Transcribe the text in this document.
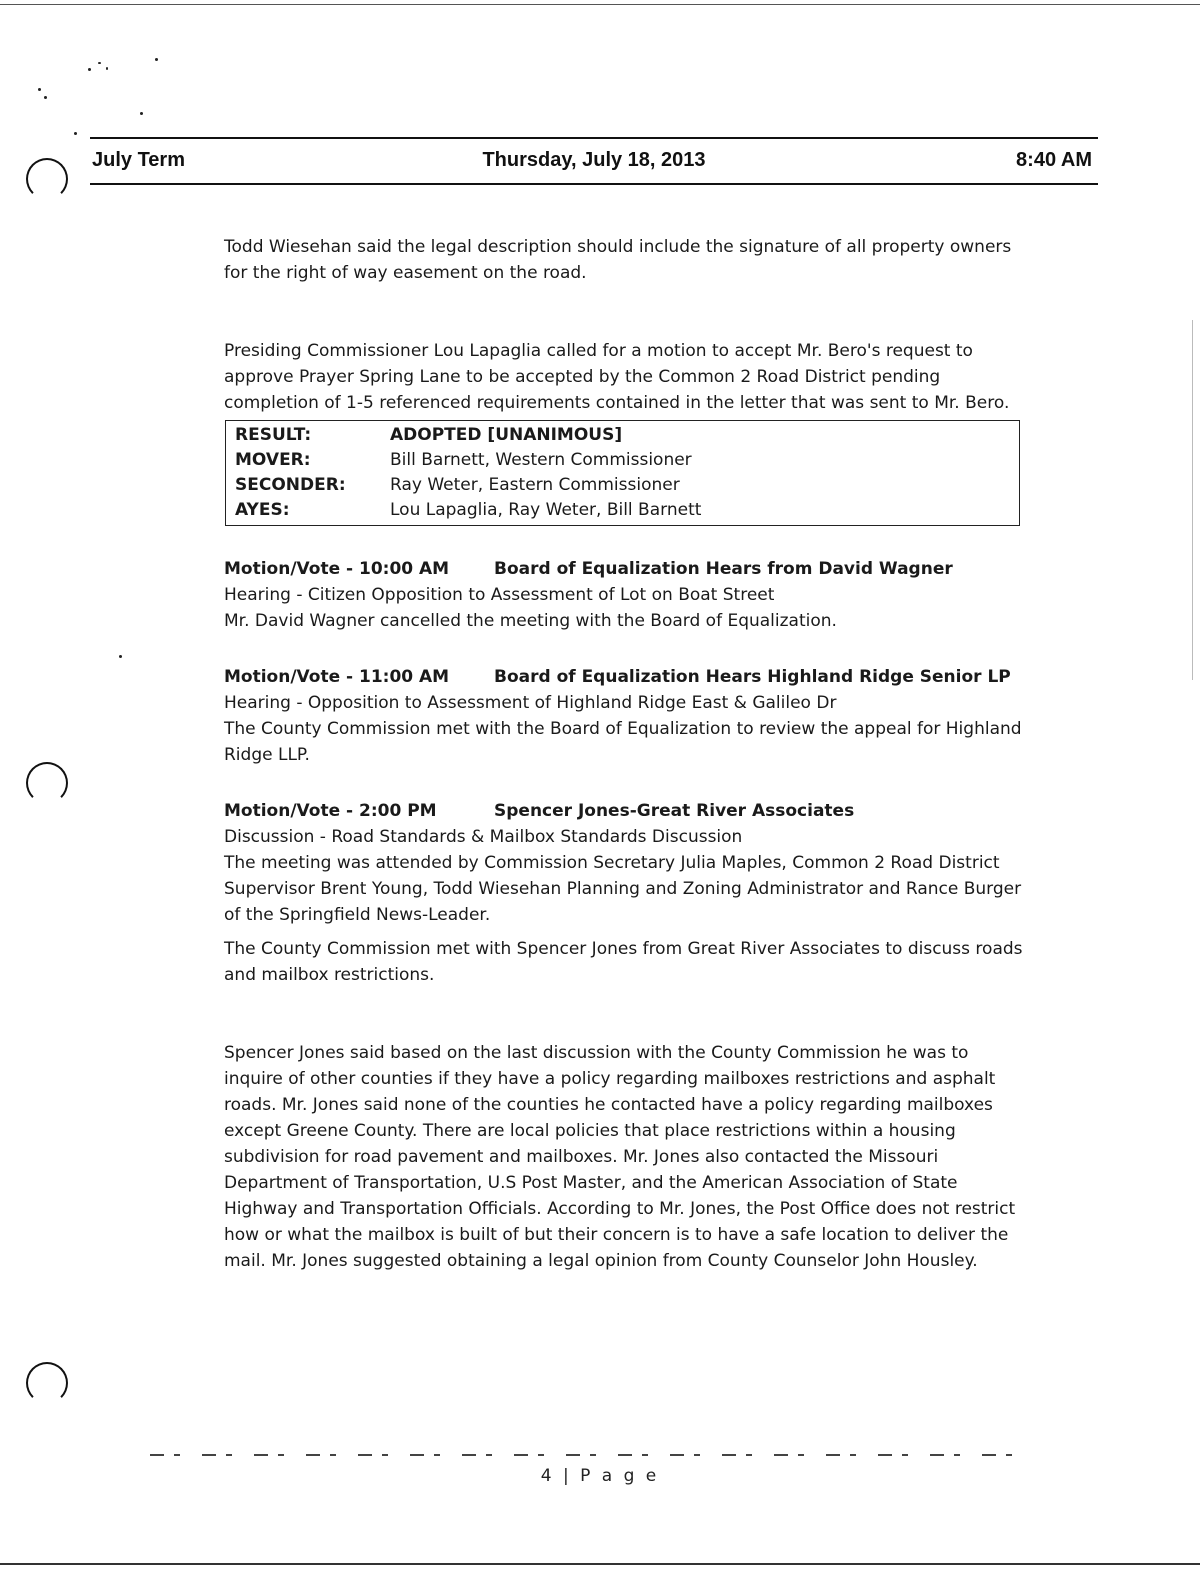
July Term	Thursday, July 18, 2013	8:40 AM

Todd Wiesehan said the legal description should include the signature of all property owners for the right of way easement on the road.

Presiding Commissioner Lou Lapaglia called for a motion to accept Mr. Bero's request to approve Prayer Spring Lane to be accepted by the Common 2 Road District pending completion of 1-5 referenced requirements contained in the letter that was sent to Mr. Bero.

RESULT:	ADOPTED [UNANIMOUS]
MOVER:	Bill Barnett, Western Commissioner
SECONDER:	Ray Weter, Eastern Commissioner
AYES:	Lou Lapaglia, Ray Weter, Bill Barnett
Motion/Vote - 10:00 AM	Board of Equalization Hears from David Wagner

Hearing - Citizen Opposition to Assessment of Lot on Boat Street

Mr. David Wagner cancelled the meeting with the Board of Equalization.

Motion/Vote - 11:00 AM	Board of Equalization Hears Highland Ridge Senior LP

Hearing - Opposition to Assessment of Highland Ridge East & Galileo Dr

The County Commission met with the Board of Equalization to review the appeal for Highland Ridge LLP.

Motion/Vote - 2:00 PM	Spencer Jones-Great River Associates

Discussion - Road Standards & Mailbox Standards Discussion

The meeting was attended by Commission Secretary Julia Maples, Common 2 Road District Supervisor Brent Young, Todd Wiesehan Planning and Zoning Administrator and Rance Burger of the Springfield News-Leader.

The County Commission met with Spencer Jones from Great River Associates to discuss roads and mailbox restrictions.

Spencer Jones said based on the last discussion with the County Commission he was to inquire of other counties if they have a policy regarding mailboxes restrictions and asphalt roads. Mr. Jones said none of the counties he contacted have a policy regarding mailboxes except Greene County. There are local policies that place restrictions within a housing subdivision for road pavement and mailboxes. Mr. Jones also contacted the Missouri Department of Transportation, U.S Post Master, and the American Association of State Highway and Transportation Officials. According to Mr. Jones, the Post Office does not restrict how or what the mailbox is built of but their concern is to have a safe location to deliver the mail. Mr. Jones suggested obtaining a legal opinion from County Counselor John Housley.

4 | P a g e
